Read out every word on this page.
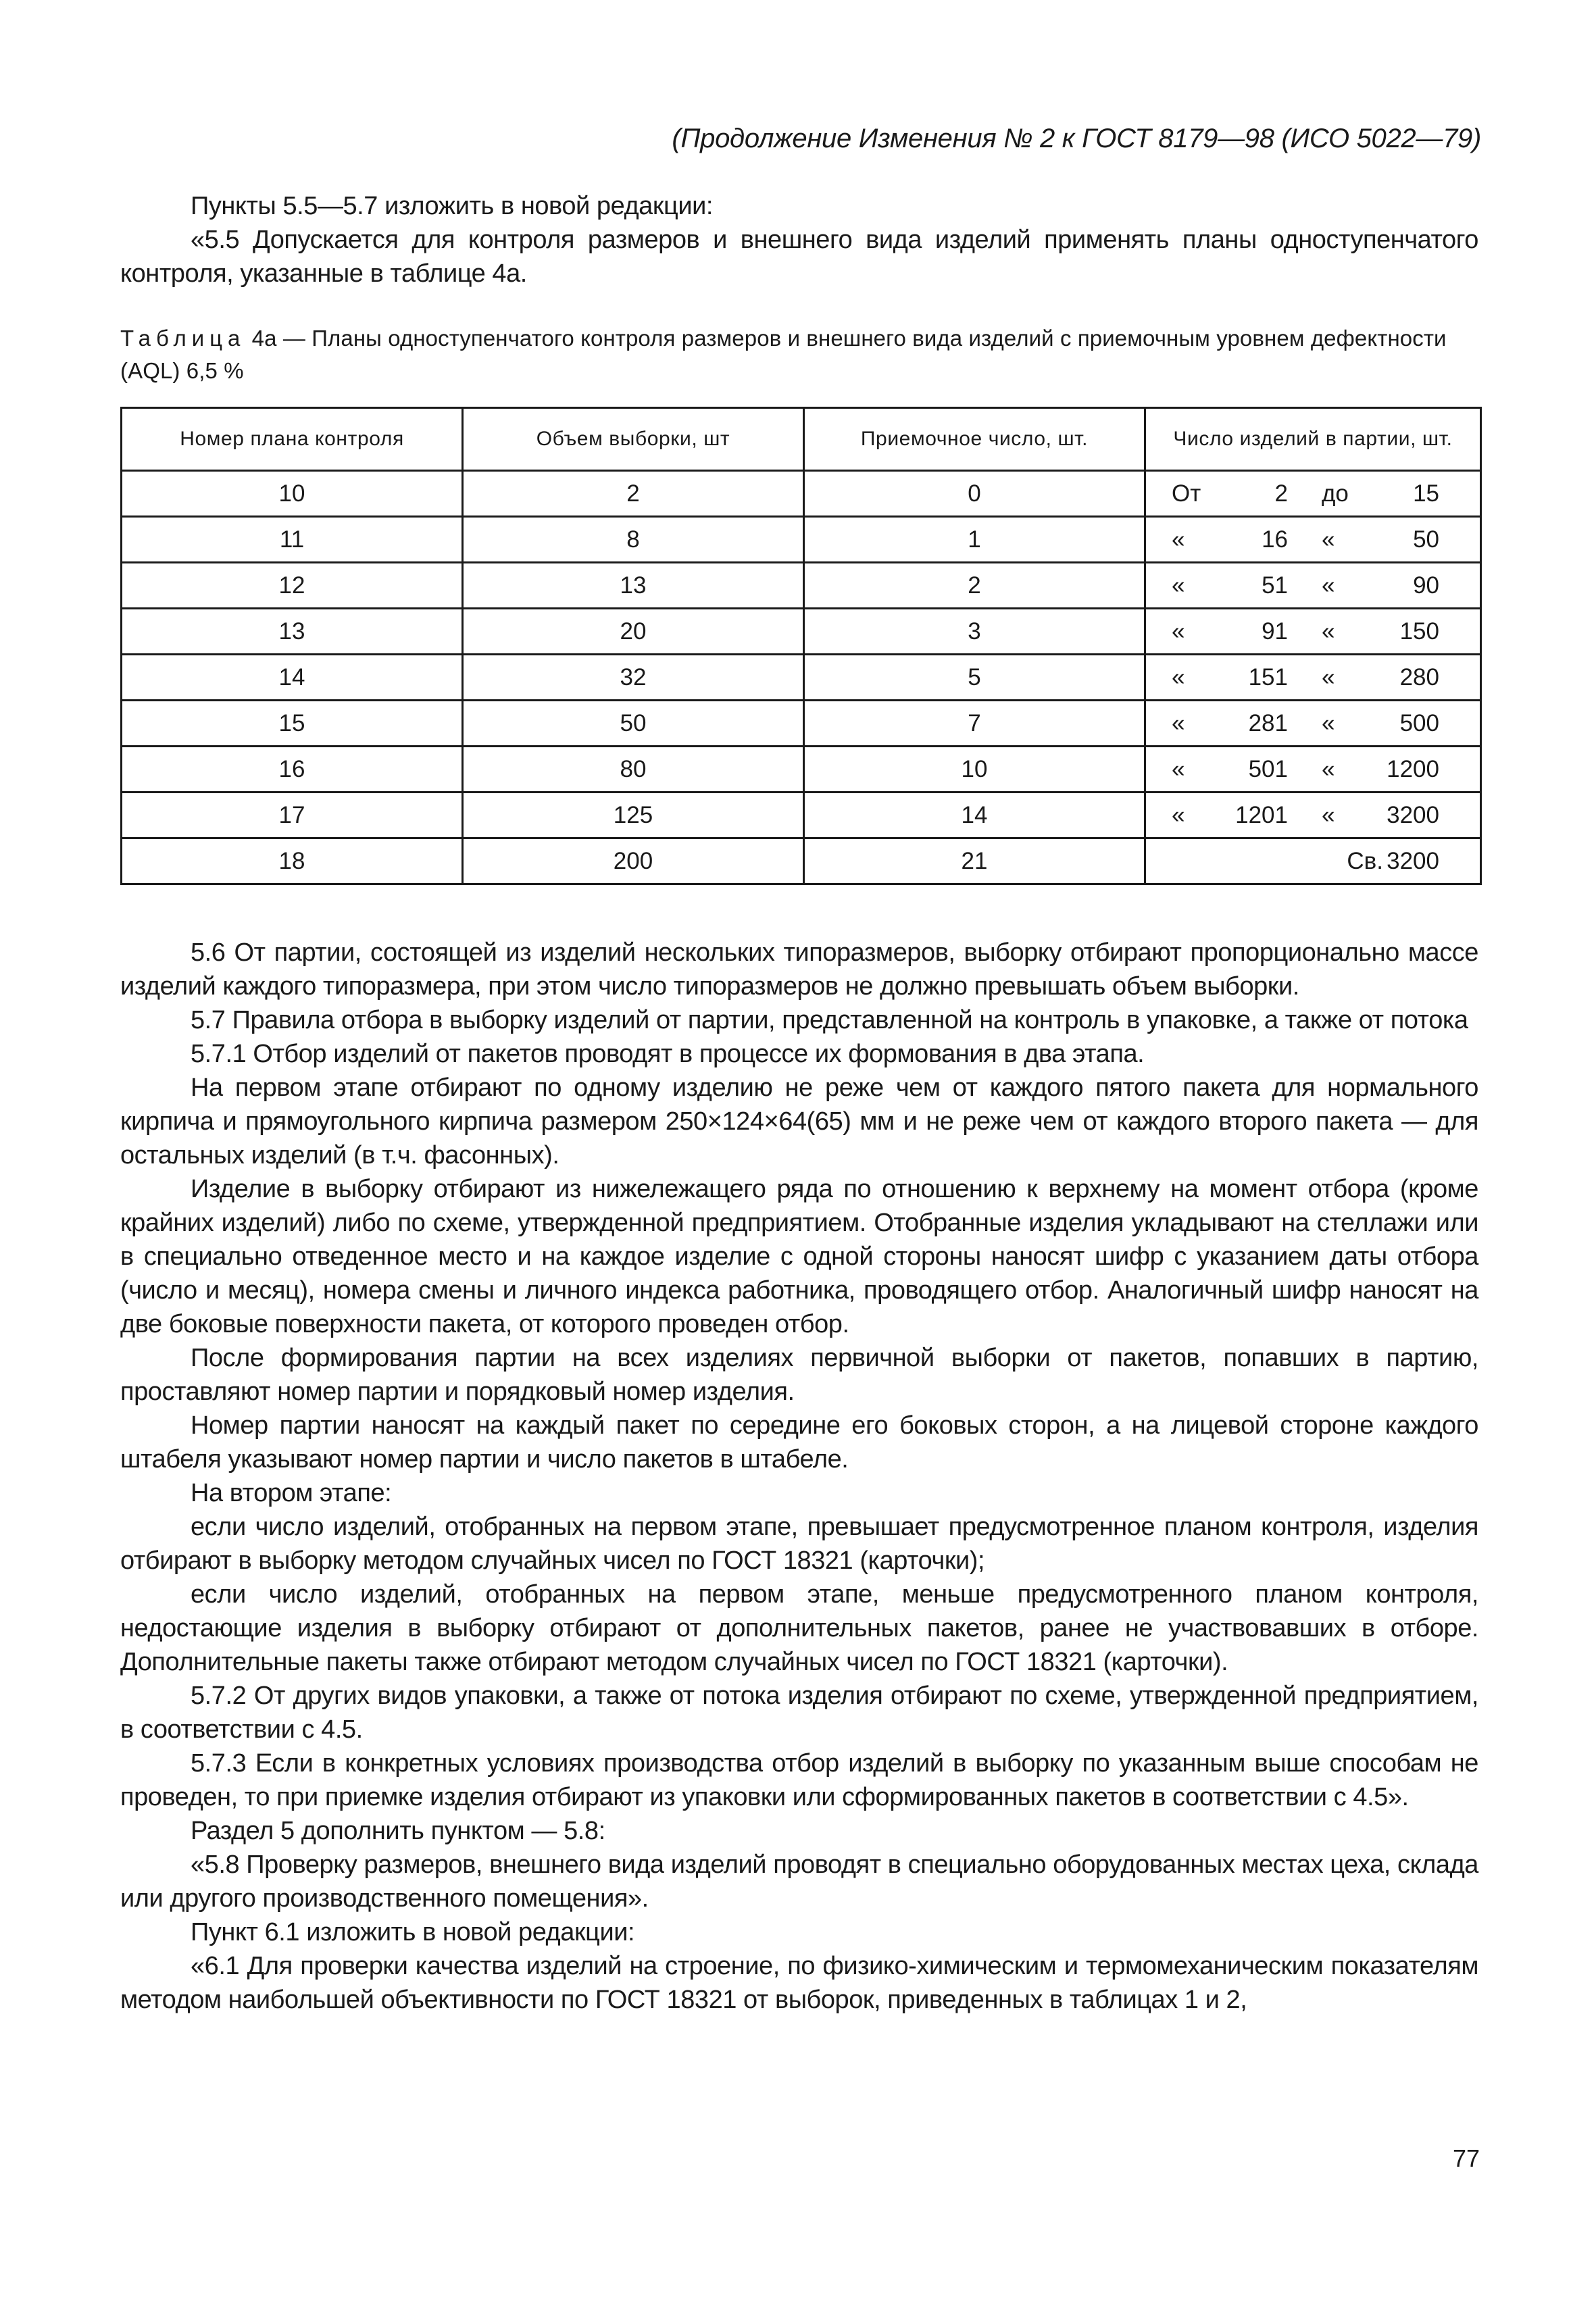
(Продолжение Изменения № 2 к ГОСТ 8179—98 (ИСО 5022—79)

Пункты 5.5—5.7 изложить в новой редакции:

«5.5 Допускается для контроля размеров и внешнего вида изделий применять планы одноступенчатого контроля, указанные в таблице 4а.

Таблица 4а — Планы одноступенчатого контроля размеров и внешнего вида изделий с приемочным уровнем дефектности (AQL) 6,5 %
Номер плана контроля	Объем выборки, шт	Приемочное число, шт.	Число изделий в партии, шт.
10	2	0	От 2 до 15

11	8	1	« 16 « 50

12	13	2	« 51 « 90

13	20	3	« 91 « 150

14	32	5	« 151 « 280

15	50	7	« 281 « 500

16	80	10	« 501 « 1200

17	125	14	« 1201 « 3200

18	200	21	Св. 3200

5.6 От партии, состоящей из изделий нескольких типоразмеров, выборку отбирают пропорционально массе изделий каждого типоразмера, при этом число типоразмеров не должно превышать объем выборки.

5.7 Правила отбора в выборку изделий от партии, представленной на контроль в упаковке, а также от потока

5.7.1 Отбор изделий от пакетов проводят в процессе их формования в два этапа.

На первом этапе отбирают по одному изделию не реже чем от каждого пятого пакета для нормального кирпича и прямоугольного кирпича размером 250×124×64(65) мм и не реже чем от каждого второго пакета — для остальных изделий (в т.ч. фасонных).

Изделие в выборку отбирают из нижележащего ряда по отношению к верхнему на момент отбора (кроме крайних изделий) либо по схеме, утвержденной предприятием. Отобранные изделия укладывают на стеллажи или в специально отведенное место и на каждое изделие с одной стороны наносят шифр с указанием даты отбора (число и месяц), номера смены и личного индекса работника, проводящего отбор. Аналогичный шифр наносят на две боковые поверхности пакета, от которого проведен отбор.

После формирования партии на всех изделиях первичной выборки от пакетов, попавших в партию, проставляют номер партии и порядковый номер изделия.

Номер партии наносят на каждый пакет по середине его боковых сторон, а на лицевой стороне каждого штабеля указывают номер партии и число пакетов в штабеле.

На втором этапе:

если число изделий, отобранных на первом этапе, превышает предусмотренное планом контроля, изделия отбирают в выборку методом случайных чисел по ГОСТ 18321 (карточки);

если число изделий, отобранных на первом этапе, меньше предусмотренного планом контроля, недостающие изделия в выборку отбирают от дополнительных пакетов, ранее не участвовавших в отборе. Дополнительные пакеты также отбирают методом случайных чисел по ГОСТ 18321 (карточки).

5.7.2 От других видов упаковки, а также от потока изделия отбирают по схеме, утвержденной предприятием, в соответствии с 4.5.

5.7.3 Если в конкретных условиях производства отбор изделий в выборку по указанным выше способам не проведен, то при приемке изделия отбирают из упаковки или сформированных пакетов в соответствии с 4.5».

Раздел 5 дополнить пунктом — 5.8:

«5.8 Проверку размеров, внешнего вида изделий проводят в специально оборудованных местах цеха, склада или другого производственного помещения».

Пункт 6.1 изложить в новой редакции:

«6.1 Для проверки качества изделий на строение, по физико-химическим и термомеханическим показателям методом наибольшей объективности по ГОСТ 18321 от выборок, приведенных в таблицах 1 и 2,

77
